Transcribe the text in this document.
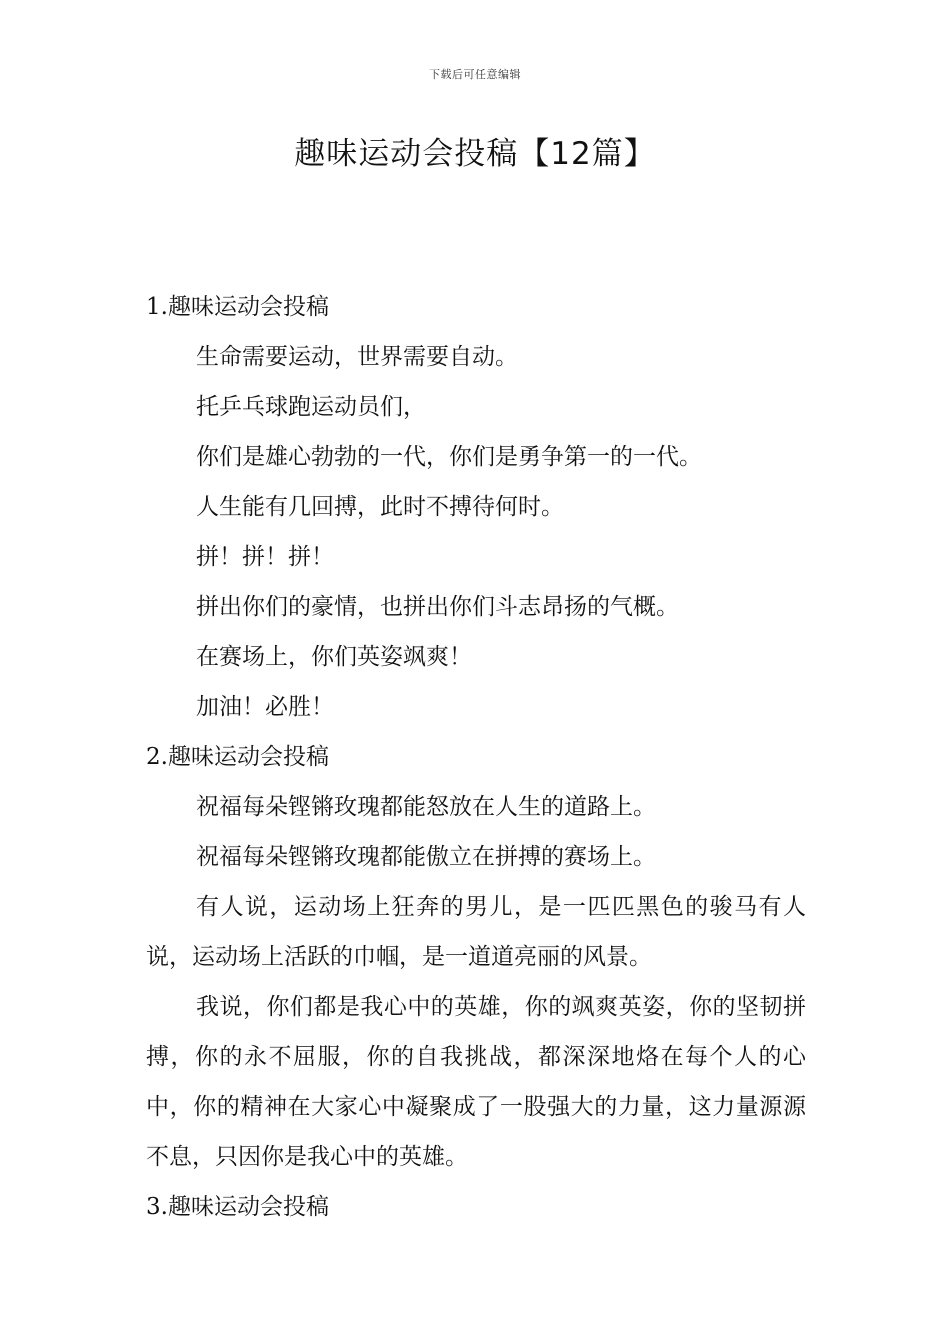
下载后可任意编辑
趣味运动会投稿【12篇】
1.趣味运动会投稿

生命需要运动，世界需要自动。

托乒乓球跑运动员们，

你们是雄心勃勃的一代，你们是勇争第一的一代。

人生能有几回搏，此时不搏待何时。

拼！拼！拼！

拼出你们的豪情，也拼出你们斗志昂扬的气概。

在赛场上，你们英姿飒爽！

加油！必胜！

2.趣味运动会投稿

祝福每朵铿锵玫瑰都能怒放在人生的道路上。

祝福每朵铿锵玫瑰都能傲立在拼搏的赛场上。

有人说，运动场上狂奔的男儿，是一匹匹黑色的骏马有人说，运动场上活跃的巾帼，是一道道亮丽的风景。

我说，你们都是我心中的英雄，你的飒爽英姿，你的坚韧拼搏，你的永不屈服，你的自我挑战，都深深地烙在每个人的心中，你的精神在大家心中凝聚成了一股强大的力量，这力量源源不息，只因你是我心中的英雄。

3.趣味运动会投稿
